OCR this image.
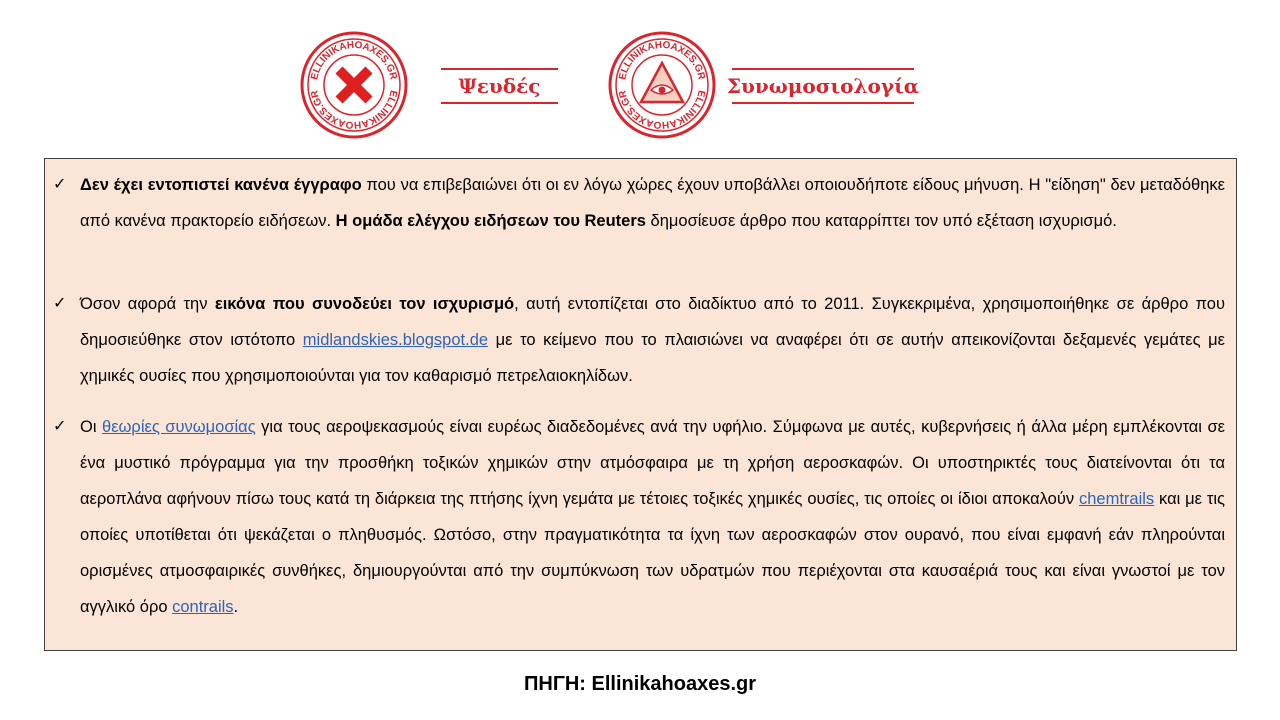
ELLINIKAHOAXES.GR
ELLINIKAHOAXES.GR	Ψευδές	ELLINIKAHOAXES.GR
ELLINIKAHOAXES.GR	Συνωμοσιολογία
✓ Δεν έχει εντοπιστεί κανένα έγγραφο που να επιβεβαιώνει ότι οι εν λόγω χώρες έχουν υποβάλλει οποιουδήποτε είδους μήνυση. Η "είδηση" δεν μεταδόθηκε από κανένα πρακτορείο ειδήσεων. Η ομάδα ελέγχου ειδήσεων του Reuters δημοσίευσε άρθρο που καταρρίπτει τον υπό εξέταση ισχυρισμό.

✓ Όσον αφορά την εικόνα που συνοδεύει τον ισχυρισμό, αυτή εντοπίζεται στο διαδίκτυο από το 2011. Συγκεκριμένα, χρησιμοποιήθηκε σε άρθρο που δημοσιεύθηκε στον ιστότοπο midlandskies.blogspot.de με το κείμενο που το πλαισιώνει να αναφέρει ότι σε αυτήν απεικονίζονται δεξαμενές γεμάτες με χημικές ουσίες που χρησιμοποιούνται για τον καθαρισμό πετρελαιοκηλίδων.

✓ Οι θεωρίες συνωμοσίας για τους αεροψεκασμούς είναι ευρέως διαδεδομένες ανά την υφήλιο. Σύμφωνα με αυτές, κυβερνήσεις ή άλλα μέρη εμπλέκονται σε ένα μυστικό πρόγραμμα για την προσθήκη τοξικών χημικών στην ατμόσφαιρα με τη χρήση αεροσκαφών. Οι υποστηρικτές τους διατείνονται ότι τα αεροπλάνα αφήνουν πίσω τους κατά τη διάρκεια της πτήσης ίχνη γεμάτα με τέτοιες τοξικές χημικές ουσίες, τις οποίες οι ίδιοι αποκαλούν chemtrails και με τις οποίες υποτίθεται ότι ψεκάζεται ο πληθυσμός. Ωστόσο, στην πραγματικότητα τα ίχνη των αεροσκαφών στον ουρανό, που είναι εμφανή εάν πληρούνται ορισμένες ατμοσφαιρικές συνθήκες, δημιουργούνται από την συμπύκνωση των υδρατμών που περιέχονται στα καυσαέριά τους και είναι γνωστοί με τον αγγλικό όρο contrails.

ΠΗΓΗ: Ellinikahoaxes.gr
